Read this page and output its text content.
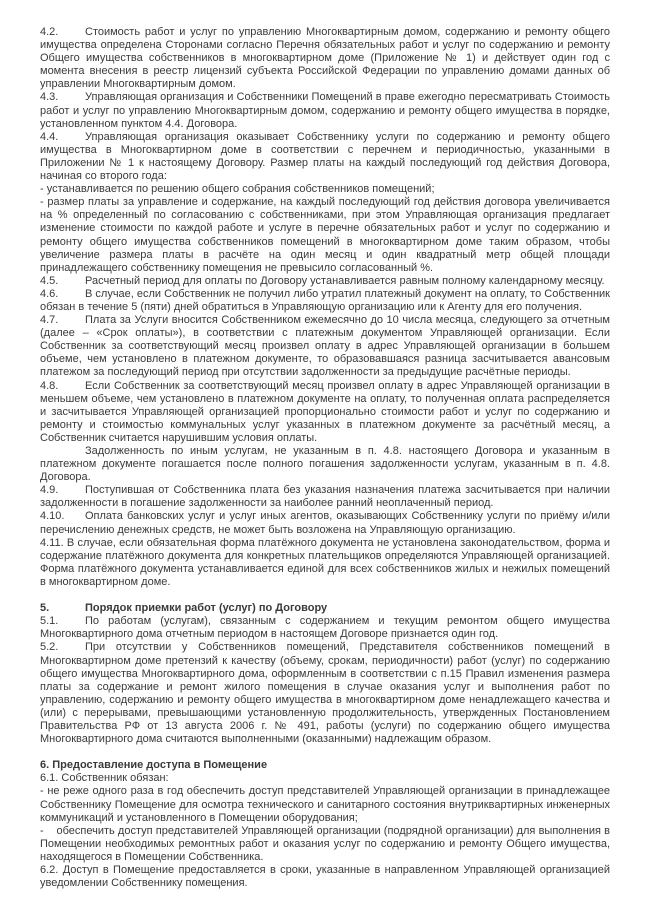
4.2. Стоимость работ и услуг по управлению Многоквартирным домом, содержанию и ремонту общего имущества определена Сторонами согласно Перечня обязательных работ и услуг по содержанию и ремонту Общего имущества собственников в многоквартирном доме (Приложение № 1) и действует один год с момента внесения в реестр лицензий субъекта Российской Федерации по управлению домами данных об управлении Многоквартирным домом.

4.3. Управляющая организация и Собственники Помещений в праве ежегодно пересматривать Стоимость работ и услуг по управлению Многоквартирным домом, содержанию и ремонту общего имущества в порядке, установленном пунктом 4.4. Договора.

4.4. Управляющая организация оказывает Собственнику услуги по содержанию и ремонту общего имущества в Многоквартирном доме в соответствии с перечнем и периодичностью, указанными в Приложении № 1 к настоящему Договору. Размер платы на каждый последующий год действия Договора, начиная со второго года:

- устанавливается по решению общего собрания собственников помещений;

- размер платы за управление и содержание, на каждый последующий год действия договора увеличивается на % определенный по согласованию с собственниками, при этом Управляющая организация предлагает изменение стоимости по каждой работе и услуге в перечне обязательных работ и услуг по содержанию и ремонту общего имущества собственников помещений в многоквартирном доме таким образом, чтобы увеличение размера платы в расчёте на один месяц и один квадратный метр общей площади принадлежащего собственнику помещения не превысило согласованный %.

4.5. Расчетный период для оплаты по Договору устанавливается равным полному календарному месяцу.

4.6. В случае, если Собственник не получил либо утратил платежный документ на оплату, то Собственник обязан в течение 5 (пяти) дней обратиться в Управляющую организацию или к Агенту для его получения.

4.7. Плата за Услуги вносится Собственником ежемесячно до 10 числа месяца, следующего за отчетным (далее – «Срок оплаты»), в соответствии с платежным документом Управляющей организации. Если Собственник за соответствующий месяц произвел оплату в адрес Управляющей организации в большем объеме, чем установлено в платежном документе, то образовавшаяся разница засчитывается авансовым платежом за последующий период при отсутствии задолженности за предыдущие расчётные периоды.

4.8. Если Собственник за соответствующий месяц произвел оплату в адрес Управляющей организации в меньшем объеме, чем установлено в платежном документе на оплату, то полученная оплата распределяется и засчитывается Управляющей организацией пропорционально стоимости работ и услуг по содержанию и ремонту и стоимостью коммунальных услуг указанных в платежном документе за расчётный месяц, а Собственник считается нарушившим условия оплаты.

Задолженность по иным услугам, не указанным в п. 4.8. настоящего Договора и указанным в платежном документе погашается после полного погашения задолженности услугам, указанным в п. 4.8. Договора.

4.9. Поступившая от Собственника плата без указания назначения платежа засчитывается при наличии задолженности в погашение задолженности за наиболее ранний неоплаченный период.

4.10. Оплата банковских услуг и услуг иных агентов, оказывающих Собственнику услуги по приёму и/или перечислению денежных средств, не может быть возложена на Управляющую организацию.

4.11. В случае, если обязательная форма платёжного документа не установлена законодательством, форма и содержание платёжного документа для конкретных плательщиков определяются Управляющей организацией. Форма платёжного документа устанавливается единой для всех собственников жилых и нежилых помещений в многоквартирном доме.

5.	Порядок приемки работ (услуг) по Договору

5.1. По работам (услугам), связанным с содержанием и текущим ремонтом общего имущества Многоквартирного дома отчетным периодом в настоящем Договоре признается один год.

5.2. При отсутствии у Собственников помещений, Представителя собственников помещений в Многоквартирном доме претензий к качеству (объему, срокам, периодичности) работ (услуг) по содержанию общего имущества Многоквартирного дома, оформленным в соответствии с п.15 Правил изменения размера платы за содержание и ремонт жилого помещения в случае оказания услуг и выполнения работ по управлению, содержанию и ремонту общего имущества в многоквартирном доме ненадлежащего качества и (или) с перерывами, превышающими установленную продолжительность, утвержденных Постановлением Правительства РФ от 13 августа 2006 г. № 491, работы (услуги) по содержанию общего имущества Многоквартирного дома считаются выполненными (оказанными) надлежащим образом.

6. Предоставление доступа в Помещение

6.1. Собственник обязан:

- не реже одного раза в год обеспечить доступ представителей Управляющей организации в принадлежащее Собственнику Помещение для осмотра технического и санитарного состояния внутриквартирных инженерных коммуникаций и установленного в Помещении оборудования;

-    обеспечить доступ представителей Управляющей организации (подрядной организации) для выполнения в Помещении необходимых ремонтных работ и оказания услуг по содержанию и ремонту Общего имущества, находящегося в Помещении Собственника.

6.2. Доступ в Помещение предоставляется в сроки, указанные в направленном Управляющей организацией уведомлении Собственнику помещения.
